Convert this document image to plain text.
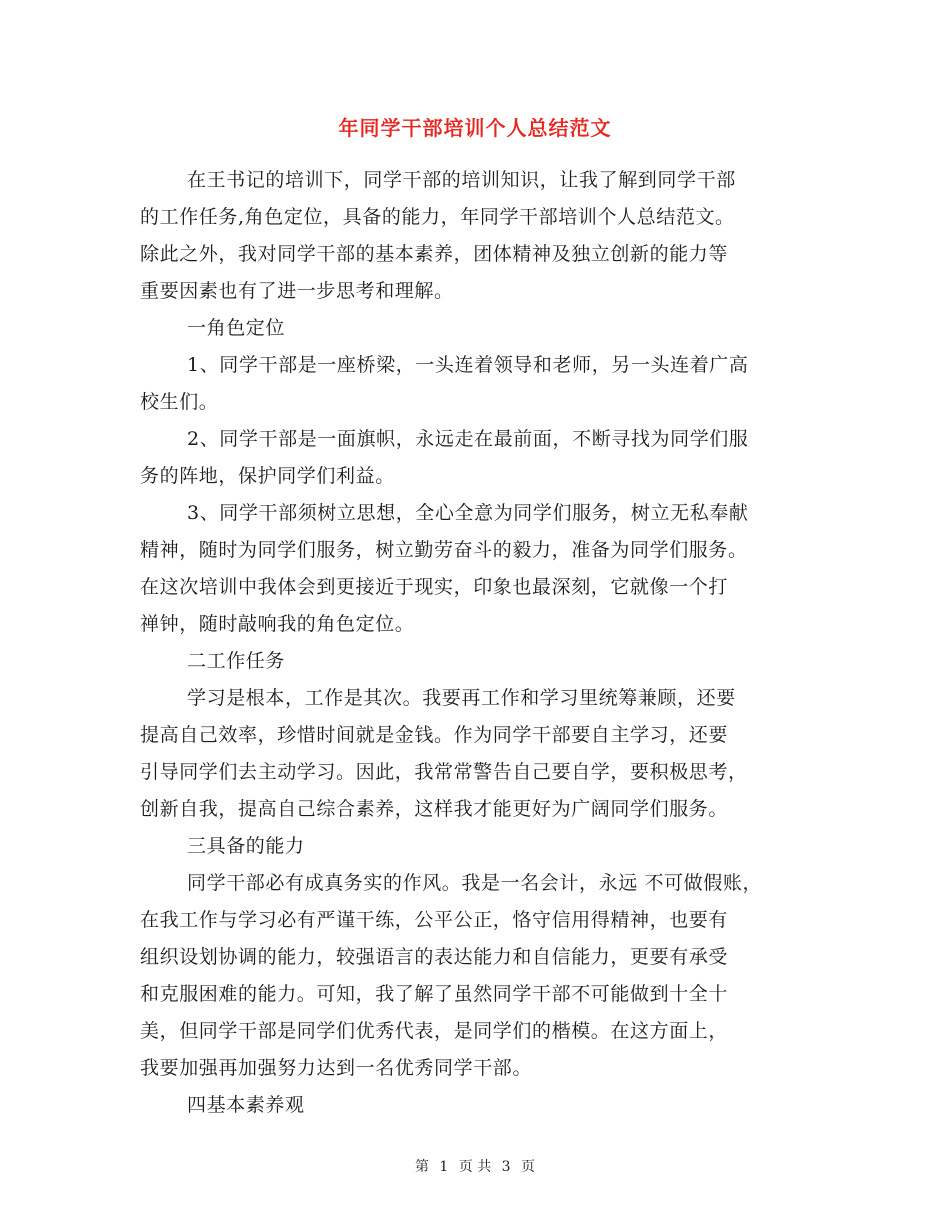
年同学干部培训个人总结范文
在王书记的培训下，同学干部的培训知识，让我了解到同学干部
的工作任务,角色定位，具备的能力，年同学干部培训个人总结范文。
除此之外，我对同学干部的基本素养，团体精神及独立创新的能力等
重要因素也有了进一步思考和理解。
一角色定位
1、同学干部是一座桥梁，一头连着领导和老师，另一头连着广高
校生们。
2、同学干部是一面旗帜，永远走在最前面，不断寻找为同学们服
务的阵地，保护同学们利益。
3、同学干部须树立思想，全心全意为同学们服务，树立无私奉献
精神，随时为同学们服务，树立勤劳奋斗的毅力，准备为同学们服务。
在这次培训中我体会到更接近于现实，印象也最深刻，它就像一个打
禅钟，随时敲响我的角色定位。
二工作任务
学习是根本，工作是其次。我要再工作和学习里统筹兼顾，还要
提高自己效率，珍惜时间就是金钱。作为同学干部要自主学习，还要
引导同学们去主动学习。因此，我常常警告自己要自学，要积极思考，
创新自我，提高自己综合素养，这样我才能更好为广阔同学们服务。
三具备的能力
同学干部必有成真务实的作风。我是一名会计，永远 不可做假账，
在我工作与学习必有严谨干练，公平公正，恪守信用得精神，也要有
组织设划协调的能力，较强语言的表达能力和自信能力，更要有承受
和克服困难的能力。可知，我了解了虽然同学干部不可能做到十全十
美，但同学干部是同学们优秀代表，是同学们的楷模。在这方面上，
我要加强再加强努力达到一名优秀同学干部。
四基本素养观
第 1 页 共 3 页
